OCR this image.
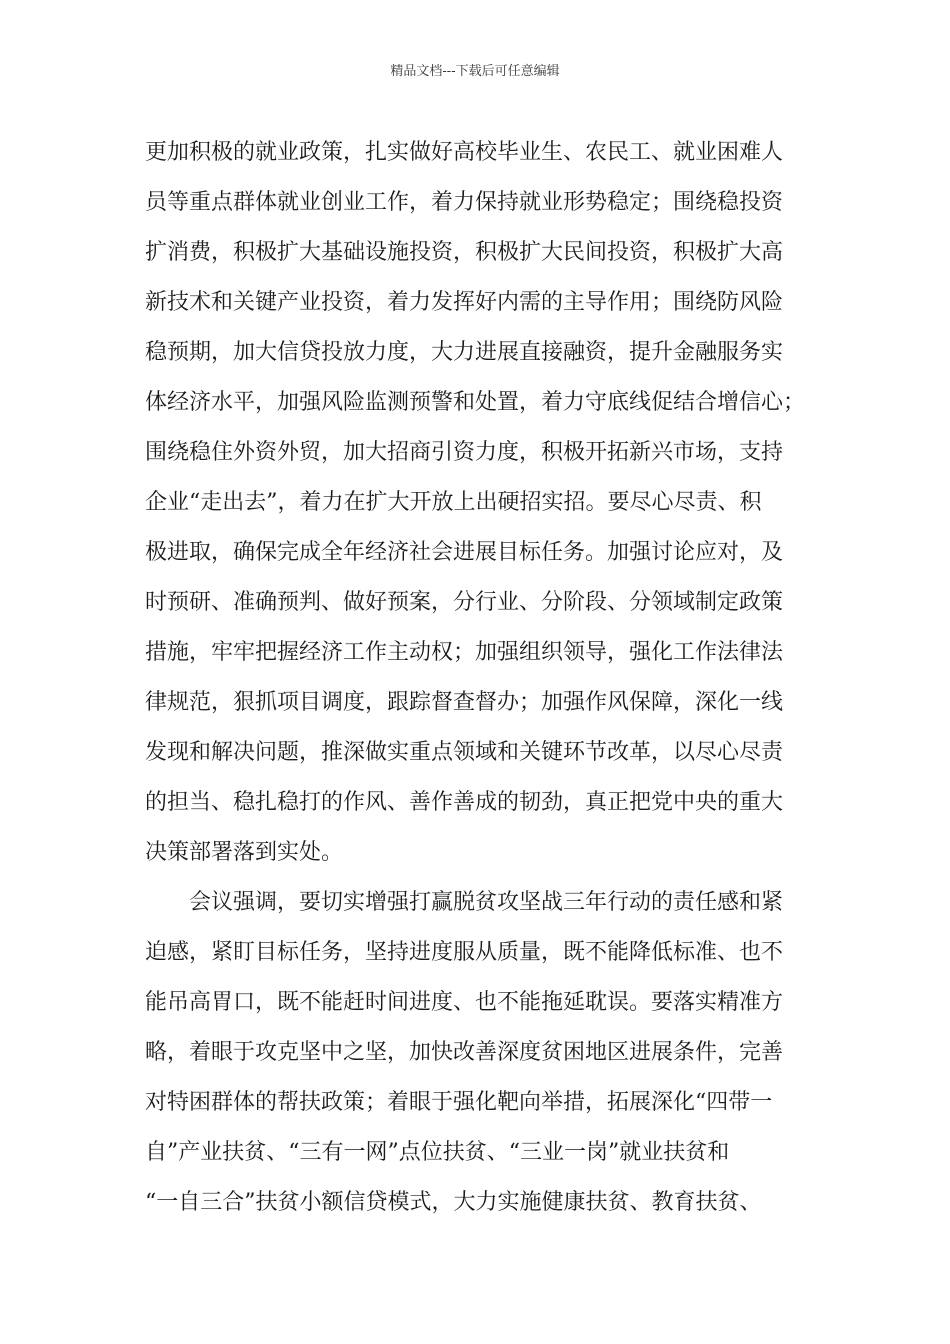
精品文档---下载后可任意编辑
更加积极的就业政策，扎实做好高校毕业生、农民工、就业困难人
员等重点群体就业创业工作，着力保持就业形势稳定；围绕稳投资
扩消费，积极扩大基础设施投资，积极扩大民间投资，积极扩大高
新技术和关键产业投资，着力发挥好内需的主导作用；围绕防风险
稳预期，加大信贷投放力度，大力进展直接融资，提升金融服务实
体经济水平，加强风险监测预警和处置，着力守底线促结合增信心；
围绕稳住外资外贸，加大招商引资力度，积极开拓新兴市场，支持
企业“走出去”，着力在扩大开放上出硬招实招。要尽心尽责、积
极进取，确保完成全年经济社会进展目标任务。加强讨论应对，及
时预研、准确预判、做好预案，分行业、分阶段、分领域制定政策
措施，牢牢把握经济工作主动权；加强组织领导，强化工作法律法
律规范，狠抓项目调度，跟踪督查督办；加强作风保障，深化一线
发现和解决问题，推深做实重点领域和关键环节改革，以尽心尽责
的担当、稳扎稳打的作风、善作善成的韧劲，真正把党中央的重大
决策部署落到实处。
会议强调，要切实增强打赢脱贫攻坚战三年行动的责任感和紧
迫感，紧盯目标任务，坚持进度服从质量，既不能降低标准、也不
能吊高胃口，既不能赶时间进度、也不能拖延耽误。要落实精准方
略，着眼于攻克坚中之坚，加快改善深度贫困地区进展条件，完善
对特困群体的帮扶政策；着眼于强化靶向举措，拓展深化“四带一
自”产业扶贫、“三有一网”点位扶贫、“三业一岗”就业扶贫和
“一自三合”扶贫小额信贷模式，大力实施健康扶贫、教育扶贫、
